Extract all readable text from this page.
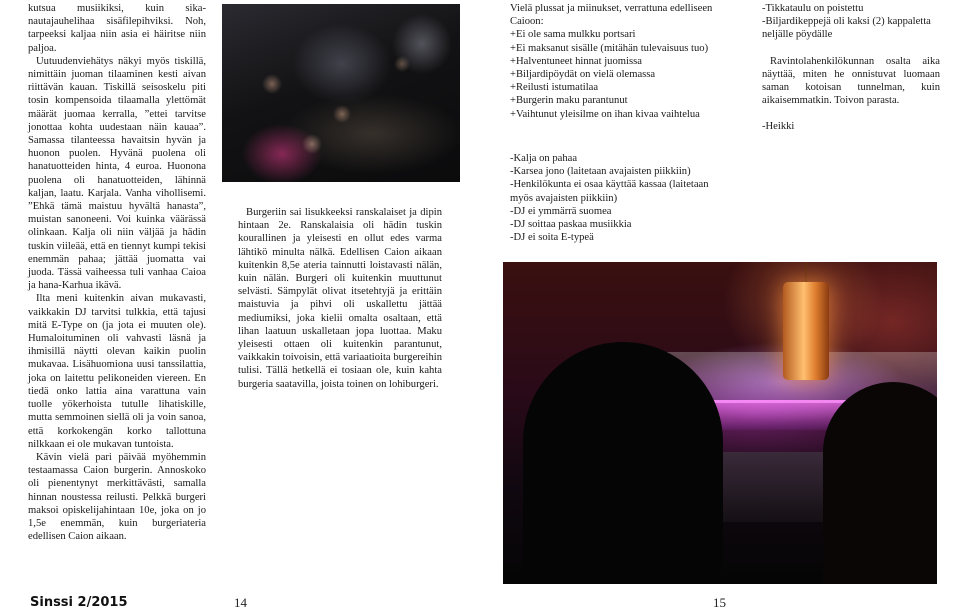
kutsua musiikiksi, kuin sika-nautajauhelihaa sisäfilepihviksi. Noh, tarpeeksi kaljaa niin asia ei häiritse niin paljoa.

Uutuudenviehätys näkyi myös tiskillä, nimittäin juoman tilaaminen kesti aivan riittävän kauan. Tiskillä seisoskelu piti tosin kompensoida tilaamalla ylettömät määrät juomaa kerralla, ”ettei tarvitse jonottaa kohta uudestaan näin kauaa”. Samassa tilanteessa havaitsin hyvän ja huonon puolen. Hyvänä puolena oli hanatuotteiden hinta, 4 euroa. Huonona puolena oli hanatuotteiden, lähinnä kaljan, laatu. Karjala. Vanha vihollisemi. ”Ehkä tämä maistuu hyvältä hanasta”, muistan sanoneeni. Voi kuinka väärässä olinkaan. Kalja oli niin väljää ja hädin tuskin viileää, että en tiennyt kumpi tekisi enemmän pahaa; jättää juomatta vai juoda. Tässä vaiheessa tuli vanhaa Caioa ja hana-Karhua ikävä.

Ilta meni kuitenkin aivan mukavasti, vaikkakin DJ tarvitsi tulkkia, että tajusi mitä E-Type on (ja jota ei muuten ole). Humaloituminen oli vahvasti läsnä ja ihmisillä näytti olevan kaikin puolin mukavaa. Lisähuomiona uusi tanssilattia, joka on laitettu pelikoneiden viereen. En tiedä onko lattia aina varattuna vain tuolle yökerhoista tutulle lihatiskille, mutta semmoinen siellä oli ja voin sanoa, että korkokengän korko tallottuna nilkkaan ei ole mukavan tuntoista.

Kävin vielä pari päivää myöhemmin testaamassa Caion burgerin. Annoskoko oli pienentynyt merkittävästi, samalla hinnan noustessa reilusti. Pelkkä burgeri maksoi opiskelijahintaan 10e, joka on jo 1,5e enemmän, kuin burgeriateria edellisen Caion aikaan.

Burgeriin sai lisukkeeksi ranskalaiset ja dipin hintaan 2e. Ranskalaisia oli hädin tuskin kourallinen ja yleisesti en ollut edes varma lähtikö minulta nälkä. Edellisen Caion aikaan kuitenkin 8,5e ateria tainnutti loistavasti nälän, kuin nälän. Burgeri oli kuitenkin muuttunut selvästi. Sämpylät olivat itsetehtyjä ja erittäin maistuvia ja pihvi oli uskallettu jättää mediumiksi, joka kielii omalta osaltaan, että lihan laatuun uskalletaan jopa luottaa. Maku yleisesti ottaen oli kuitenkin parantunut, vaikkakin toivoisin, että variaatioita burgereihin tulisi. Tällä hetkellä ei tosiaan ole, kuin kahta burgeria saatavilla, joista toinen on lohiburgeri.

Vielä plussat ja miinukset, verrattuna edelliseen Caioon:

+Ei ole sama mulkku portsari

+Ei maksanut sisälle (mitähän tulevaisuus tuo)

+Halventuneet hinnat juomissa

+Biljardipöydät on vielä olemassa

+Reilusti istumatilaa

+Burgerin maku parantunut

+Vaihtunut yleisilme on ihan kivaa vaihtelua

-Kalja on pahaa

-Karsea jono (laitetaan avajaisten piikkiin)

-Henkilökunta ei osaa käyttää kassaa (laitetaan myös avajaisten piikkiin)

-DJ ei ymmärrä suomea

-DJ soittaa paskaa musiikkia

-DJ ei soita E-typeä

-Tikkataulu on poistettu

-Biljardikeppejä oli kaksi (2) kappaletta neljälle pöydälle

Ravintolahenkilökunnan osalta aika näyttää, miten he onnistuvat luomaan saman kotoisan tunnelman, kuin aikaisemmatkin. Toivon parasta.

-Heikki

Sinssi 2/2015	14	15
